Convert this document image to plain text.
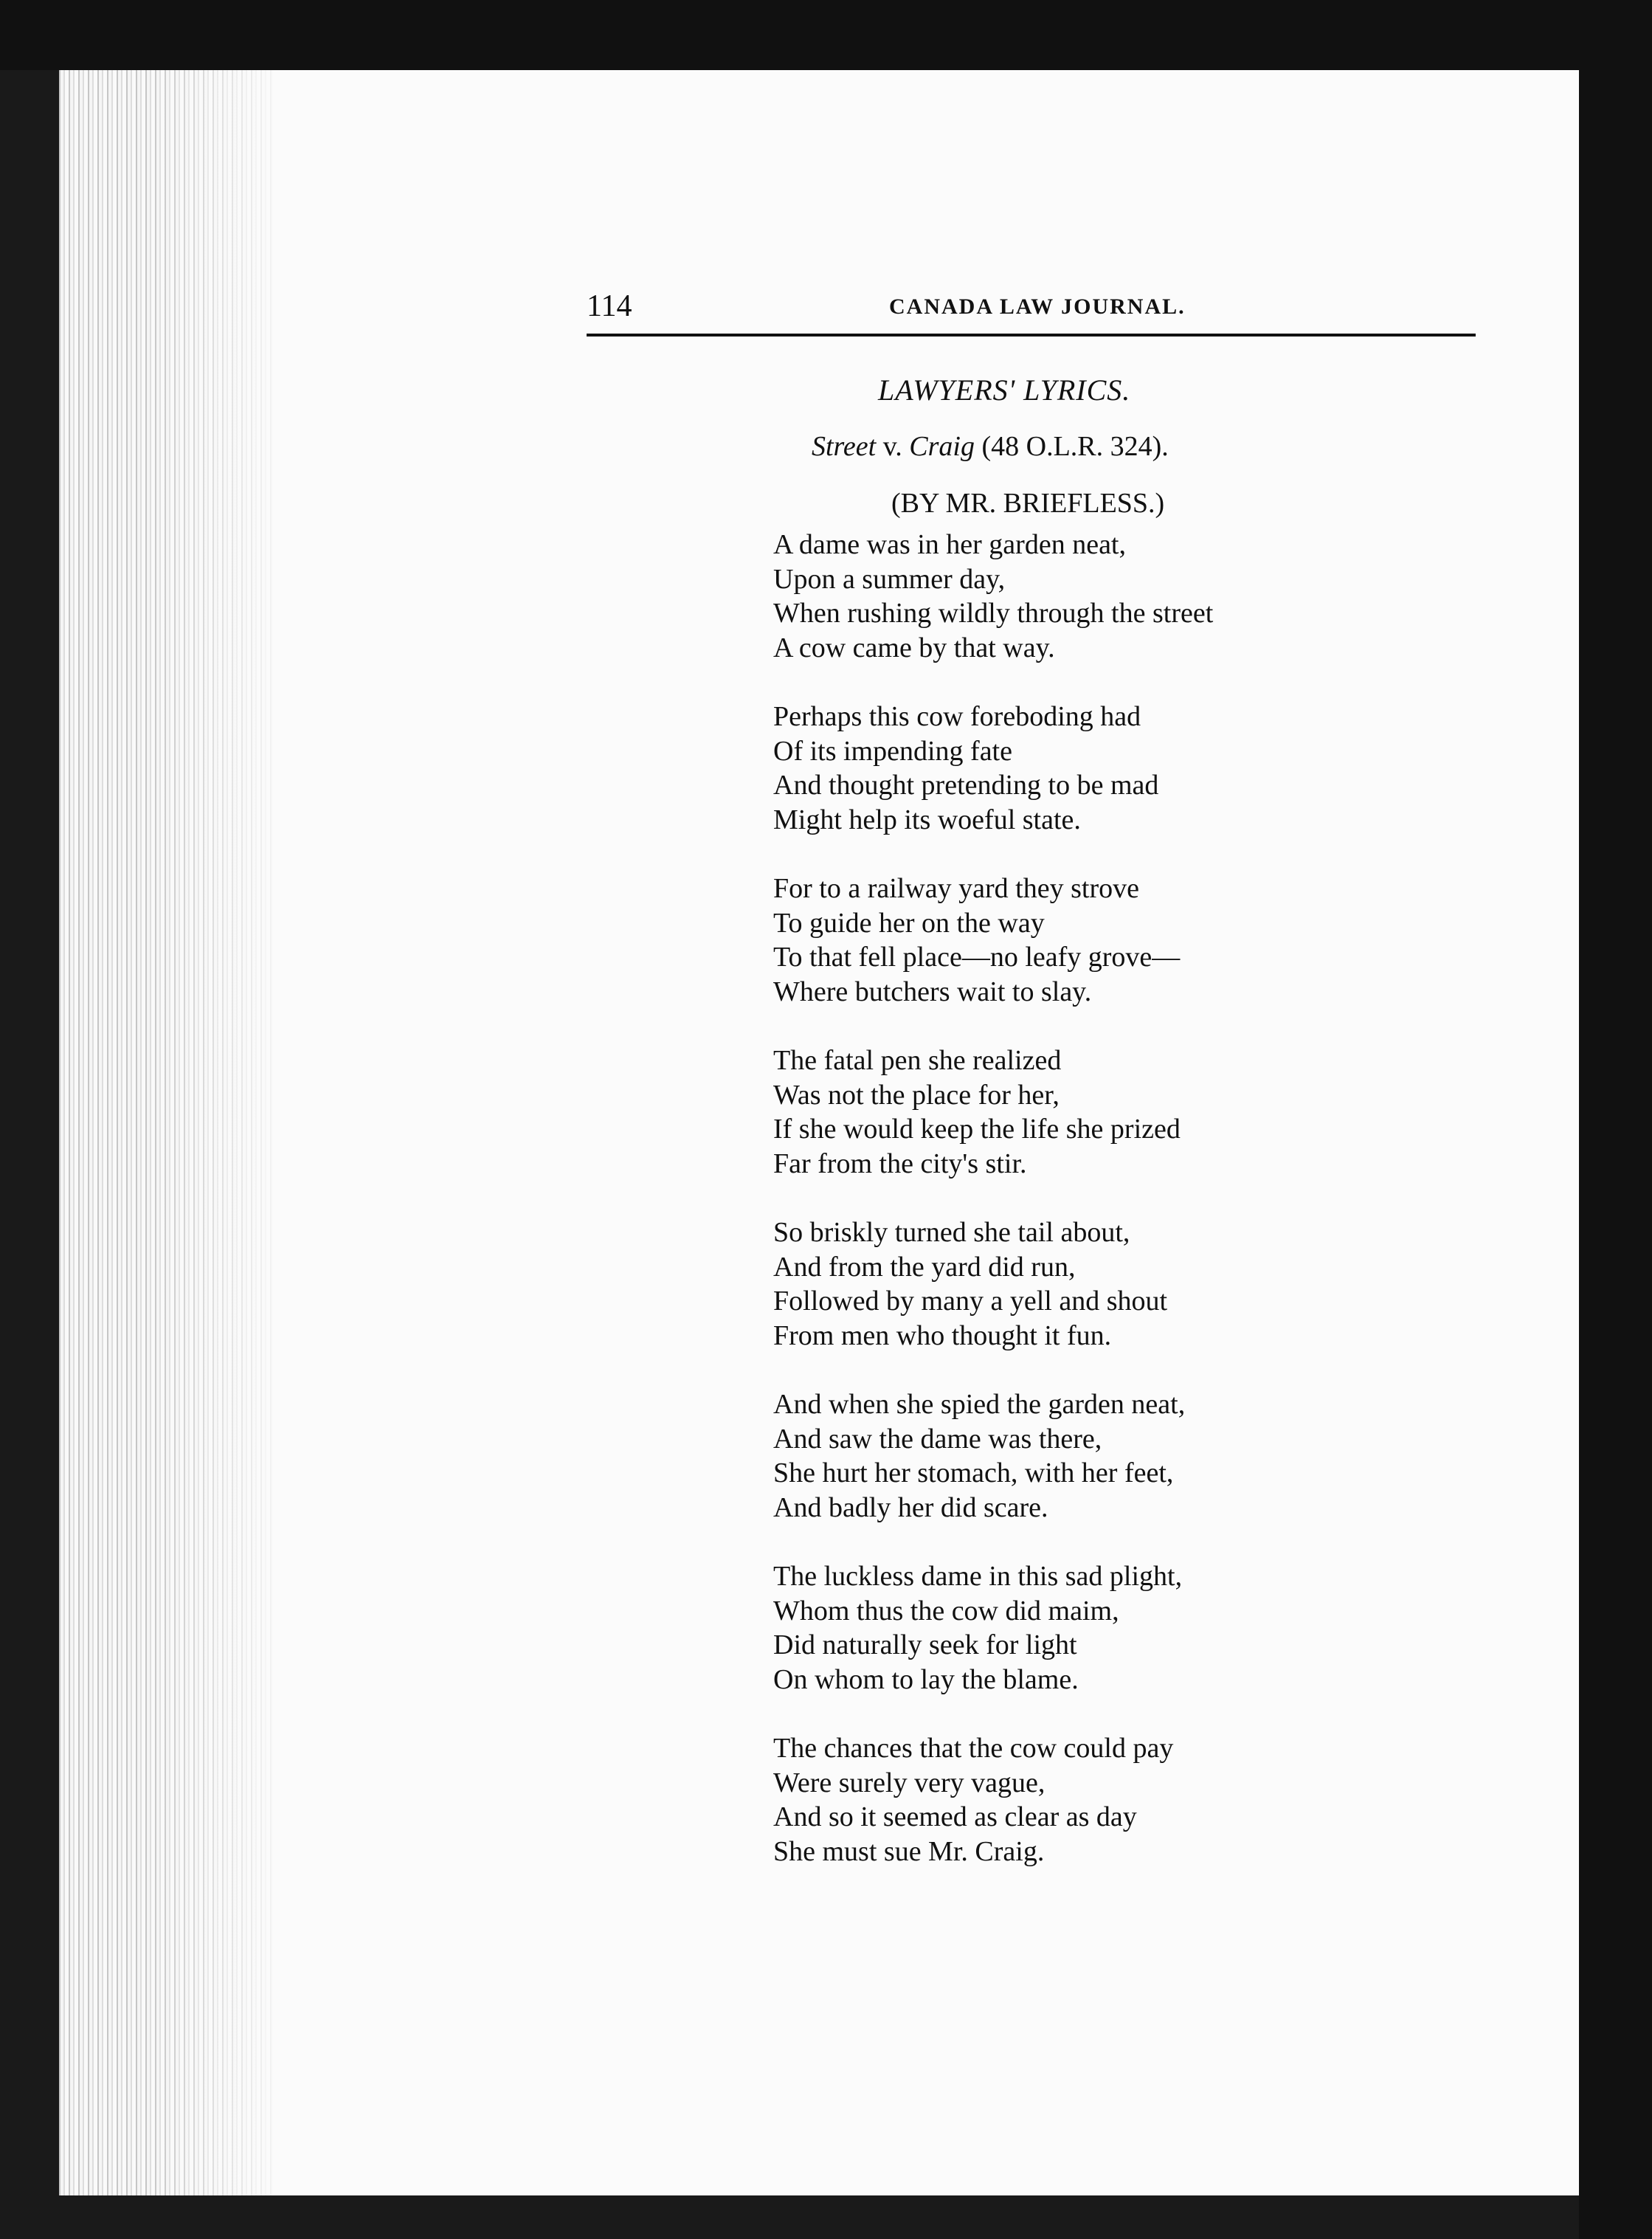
114	CANADA LAW JOURNAL.
LAWYERS' LYRICS.
Street v. Craig (48 O.L.R. 324).
(BY MR. BRIEFLESS.)
A dame was in her garden neat,
Upon a summer day,
When rushing wildly through the street
A cow came by that way.
Perhaps this cow foreboding had
Of its impending fate
And thought pretending to be mad
Might help its woeful state.
For to a railway yard they strove
To guide her on the way
To that fell place—no leafy grove—
Where butchers wait to slay.
The fatal pen she realized
Was not the place for her,
If she would keep the life she prized
Far from the city's stir.
So briskly turned she tail about,
And from the yard did run,
Followed by many a yell and shout
From men who thought it fun.
And when she spied the garden neat,
And saw the dame was there,
She hurt her stomach, with her feet,
And badly her did scare.
The luckless dame in this sad plight,
Whom thus the cow did maim,
Did naturally seek for light
On whom to lay the blame.
The chances that the cow could pay
Were surely very vague,
And so it seemed as clear as day
She must sue Mr. Craig.
